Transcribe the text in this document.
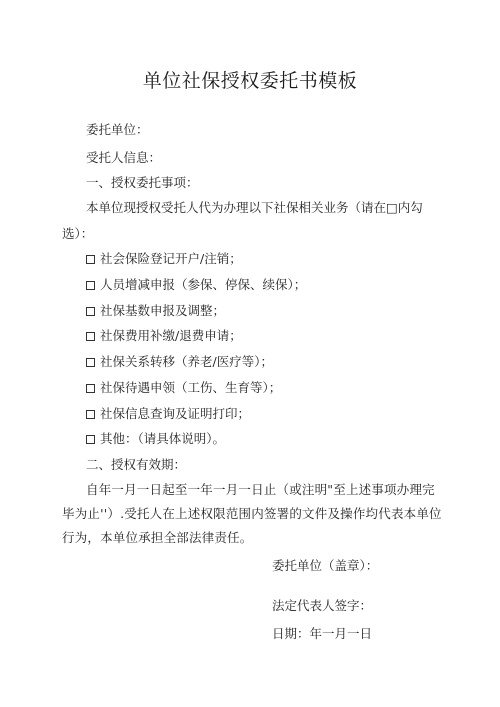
单位社保授权委托书模板
委托单位：
受托人信息：
一、授权委托事项：
本单位现授权受托人代为办理以下社保相关业务（请在□内勾
选）：
社会保险登记开户/注销；
人员增减申报（参保、停保、续保）；
社保基数申报及调整；
社保费用补缴/退费申请；
社保关系转移（养老/医疗等）；
社保待遇申领（工伤、生育等）；
社保信息查询及证明打印；
其他：（请具体说明）。
二、授权有效期：
自年一月一日起至一年一月一日止（或注明"至上述事项办理完毕为止''）.受托人在上述权限范围内签署的文件及操作均代表本单位行为，本单位承担全部法律责任。
委托单位（盖章）：
法定代表人签字：
日期：年一月一日
